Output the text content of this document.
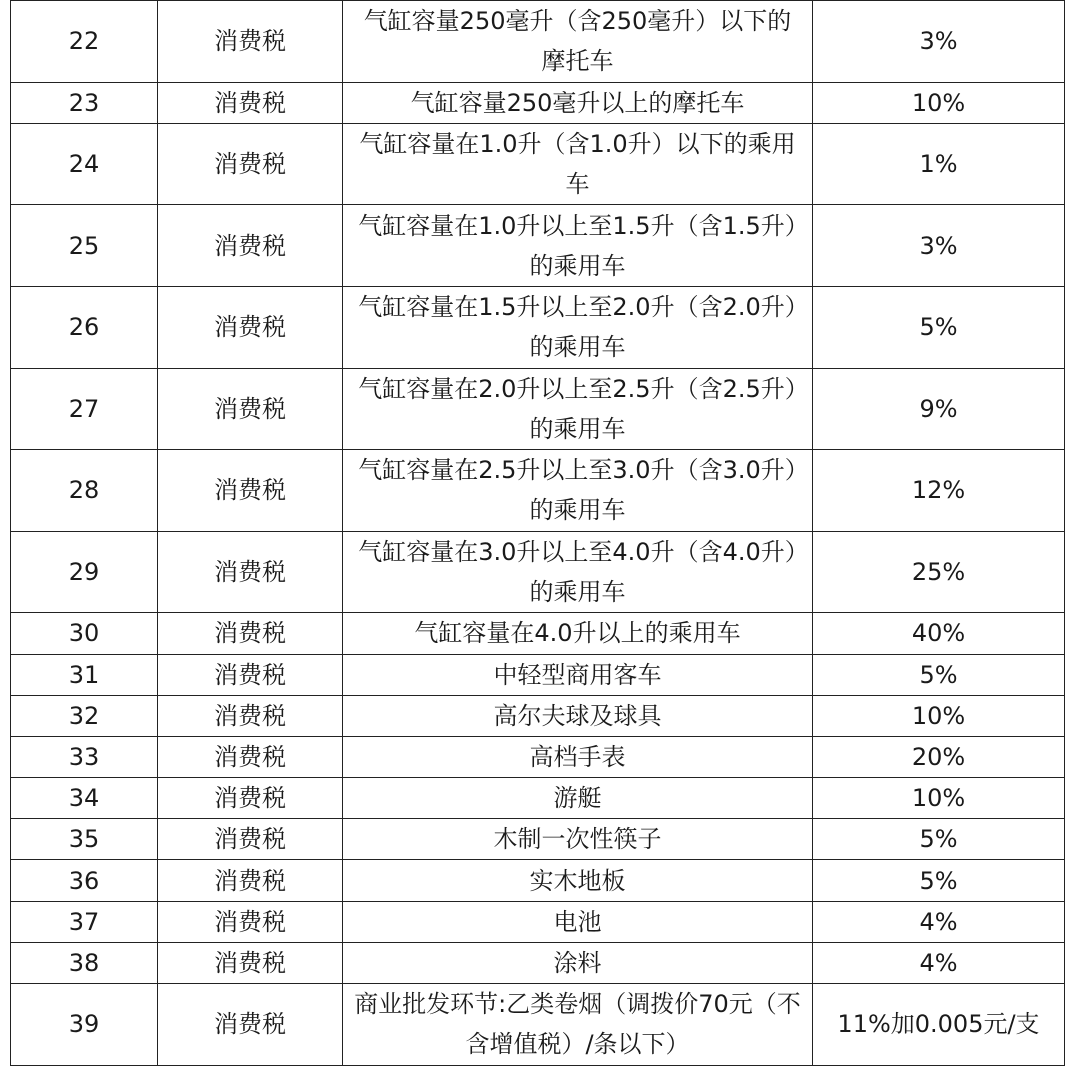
22	消费税	气缸容量250毫升（含250毫升）以下的摩托车	3%
23	消费税	气缸容量250毫升以上的摩托车	10%
24	消费税	气缸容量在1.0升（含1.0升）以下的乘用车	1%
25	消费税	气缸容量在1.0升以上至1.5升（含1.5升）的乘用车	3%
26	消费税	气缸容量在1.5升以上至2.0升（含2.0升）的乘用车	5%
27	消费税	气缸容量在2.0升以上至2.5升（含2.5升）的乘用车	9%
28	消费税	气缸容量在2.5升以上至3.0升（含3.0升）的乘用车	12%
29	消费税	气缸容量在3.0升以上至4.0升（含4.0升）的乘用车	25%
30	消费税	气缸容量在4.0升以上的乘用车	40%
31	消费税	中轻型商用客车	5%
32	消费税	高尔夫球及球具	10%
33	消费税	高档手表	20%
34	消费税	游艇	10%
35	消费税	木制一次性筷子	5%
36	消费税	实木地板	5%
37	消费税	电池	4%
38	消费税	涂料	4%
39	消费税	商业批发环节:乙类卷烟（调拨价70元（不含增值税）/条以下）	11%加0.005元/支
